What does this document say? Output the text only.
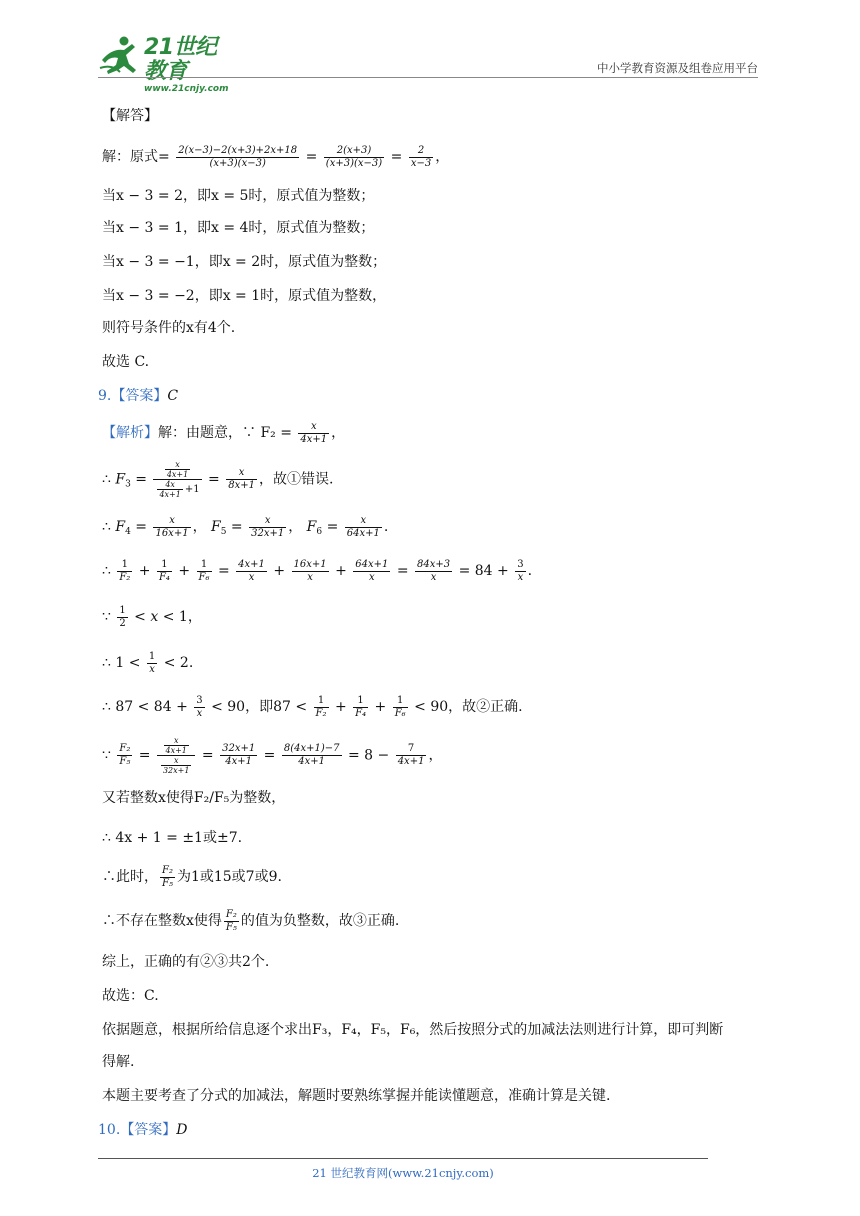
21世纪教育
www.21cnjy.com
中小学教育资源及组卷应用平台
【解答】
解：原式= $\frac{2(x-3)-2(x+3)+2x+18}{(x+3)(x-3)} = \frac{2(x+3)}{(x+3)(x-3)} = \frac{2}{x-3}$ ，
当x − 3 = 2，即x = 5时，原式值为整数；
当x − 3 = 1，即x = 4时，原式值为整数；
当x − 3 = −1，即x = 2时，原式值为整数；
当x − 3 = −2，即x = 1时，原式值为整数，
则符号条件的x有4个.
故选 C.
9.【答案】C
【解析】解：由题意，∵ $F_2 = \frac{x}{4x+1}$ ，
∴ $F_3 = \frac{\frac{x}{4x+1}}{\frac{4x}{4x+1} +1} = \frac{x}{8x+1}$ ，故①错误.
∴ $F_4 = \frac{x}{16x+1}$ ， $F_5 = \frac{x}{32x+1}$ ， $F_6 = \frac{x}{64x+1}$ .
∴ $\frac{1}{\text{F₂}} + \frac{1}{\text{F₄}} + \frac{1}{\text{F₆}} = \frac{4x+1}{x} + \frac{16x+1}{x} + \frac{64x+1}{x} = \frac{84x+3}{x} = 84 + \frac{3}{x}$ .
∵ $\frac{1}{2} < x < 1$，
∴ $1 < \frac{1}{x} < 2$.
∴ $87 < 84 + \frac{3}{x} < 90$，即$87 < \frac{1}{\text{F₂}} + \frac{1}{\text{F₄}} + \frac{1}{\text{F₆}} < 90$，故②正确.
∵ $\frac{\text{F₂}}{\text{F₅}} = \frac{\frac{x}{4x+1}}{\frac{x}{32x+1}} = \frac{32x+1}{4x+1} = \frac{8(4x+1)-7}{4x+1} = 8 - \frac{7}{4x+1}$ ，
又若整数x使得F₂/F₅为整数，
∴ 4x + 1 = ±1或±7.
∴此时， $\frac{\text{F₂}}{\text{F₅}}$ 为1或15或7或9.
∴不存在整数x使得 $\frac{\text{F₂}}{\text{F₅}}$ 的值为负整数，故③正确.
综上，正确的有②③共2个.
故选：C.
依据题意，根据所给信息逐个求出F₃，F₄，F₅，F₆，然后按照分式的加减法法则进行计算，即可判断
得解.
本题主要考查了分式的加减法，解题时要熟练掌握并能读懂题意，准确计算是关键.
10.【答案】D
21 世纪教育网(www.21cnjy.com)
